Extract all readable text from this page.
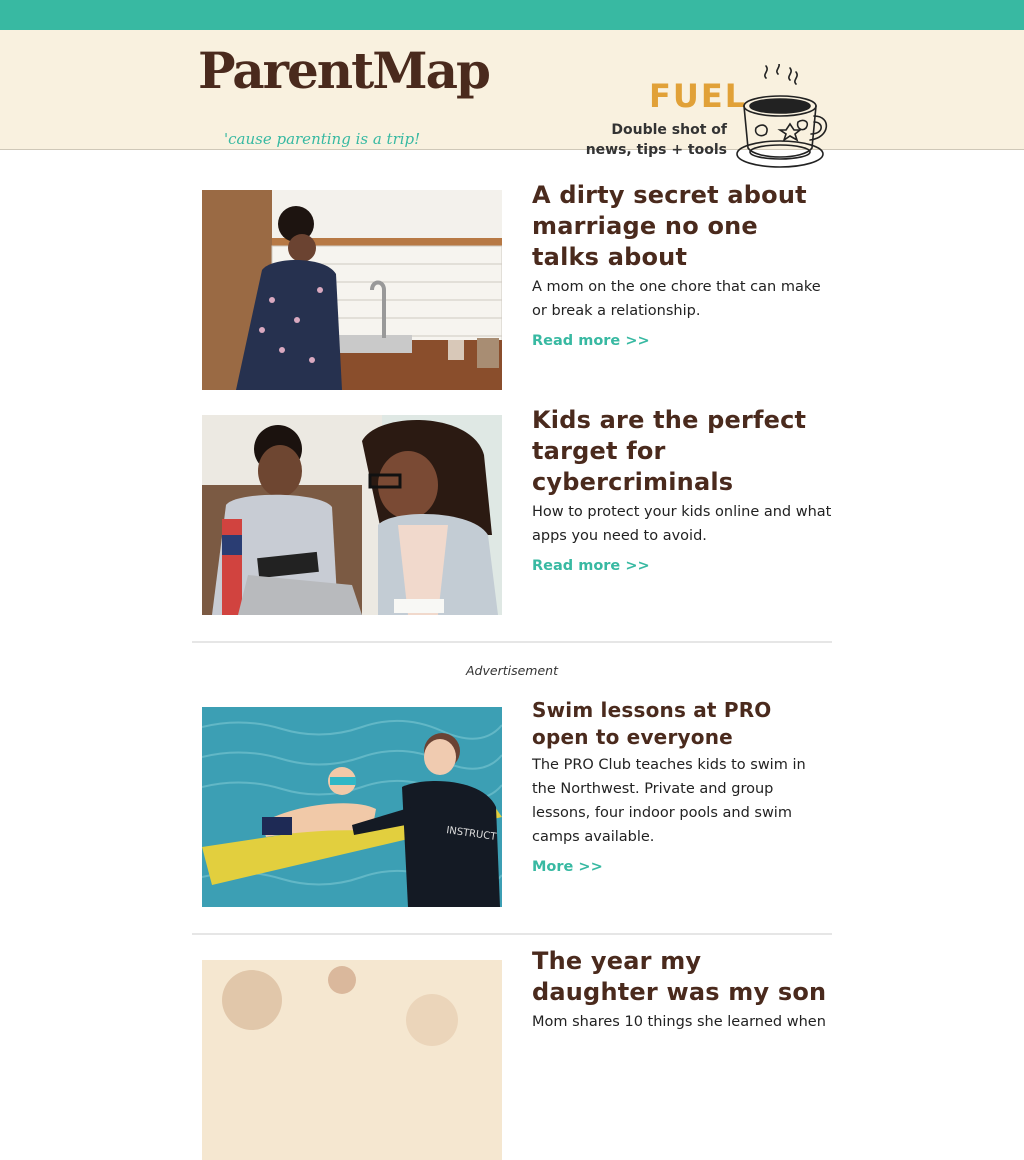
ParentMap
'cause parenting is a trip!
FUEL
Double shot of
news, tips + tools
A dirty secret about marriage no one talks about

A mom on the one chore that can make or break a relationship.

Read more >>
Kids are the perfect target for cybercriminals

How to protect your kids online and what apps you need to avoid.

Read more >>
Advertisement
INSTRUCT
Swim lessons at PRO open to everyone

The PRO Club teaches kids to swim in the Northwest. Private and group lessons, four indoor pools and swim camps available.

More >>
The year my daughter was my son

Mom shares 10 things she learned when
